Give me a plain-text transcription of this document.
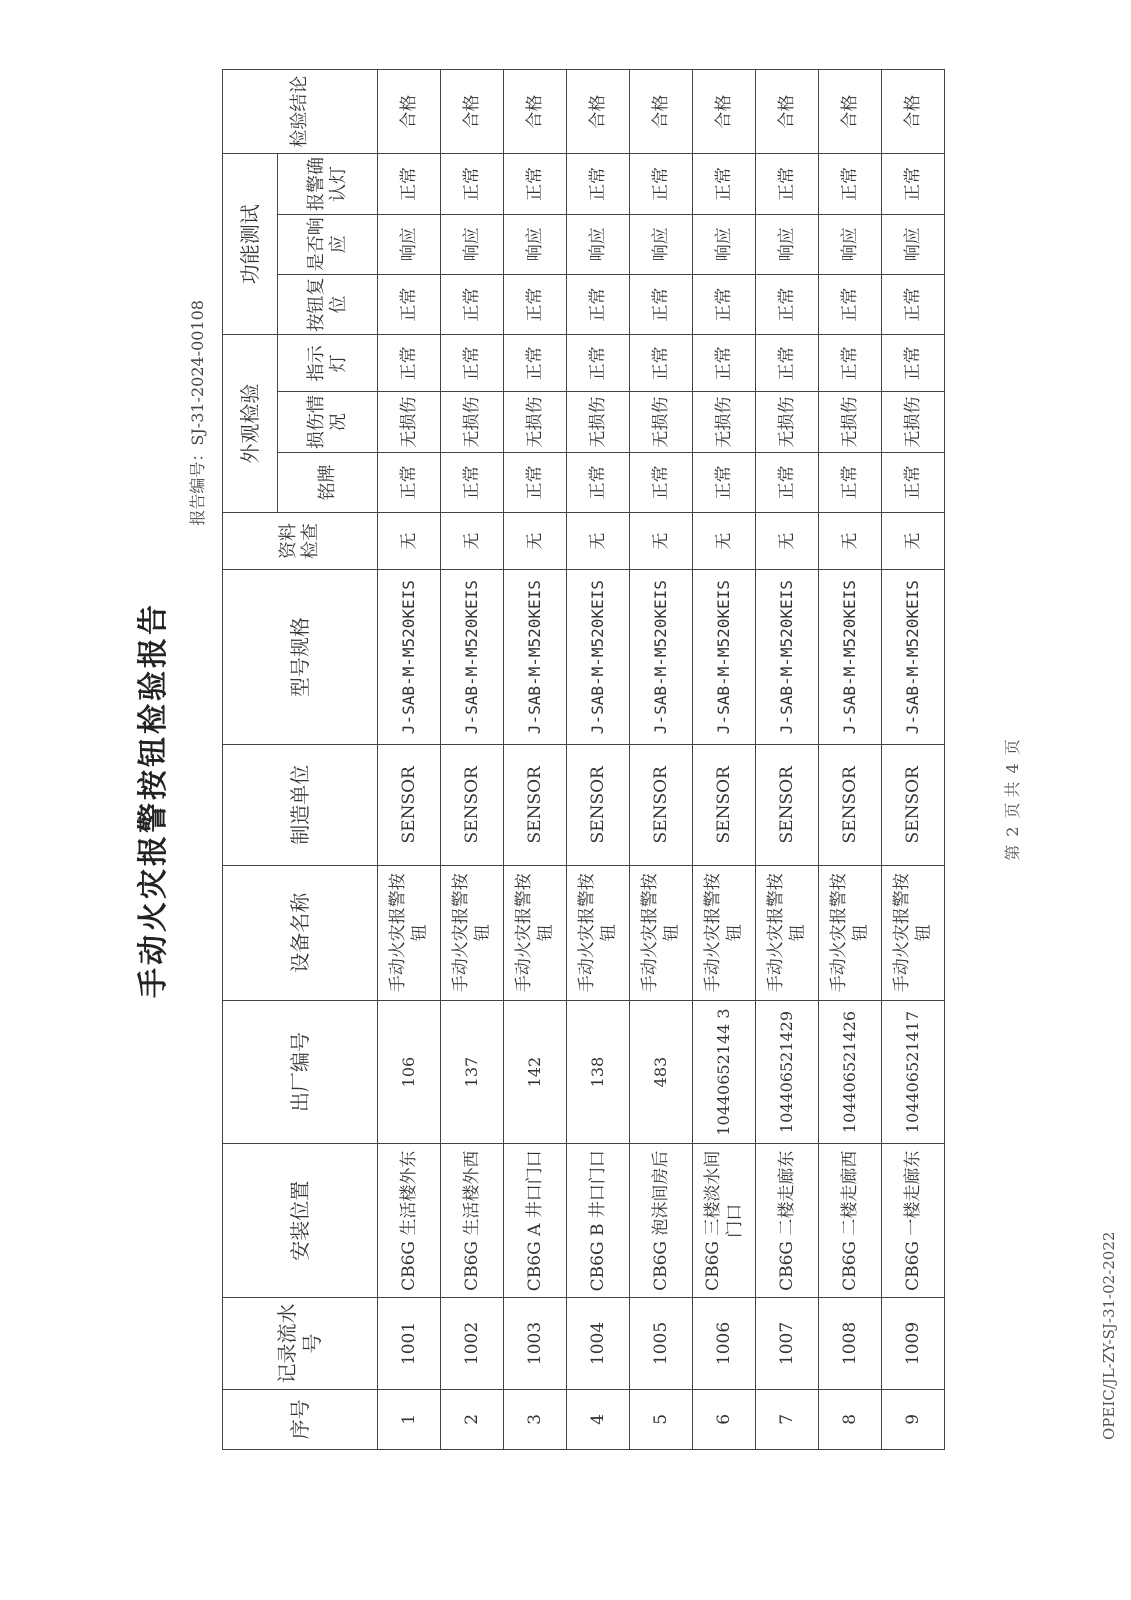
手动火灾报警按钮检验报告
报告编号：SJ-31-2024-00108
序号	记录流水号	安装位置	出厂编号	设备名称	制造单位	型号规格	资料检查	外观检验			功能测试			检验结论
								铭牌	损伤情况	指示灯	按钮复位	是否响应	报警确认灯	
1	1001	CB6G 生活楼外东	106	手动火灾报警按钮	SENSOR	J-SAB-M-M520KEIS	无	正常	无损伤	正常	正常	响应	正常	合格
2	1002	CB6G 生活楼外西	137	手动火灾报警按钮	SENSOR	J-SAB-M-M520KEIS	无	正常	无损伤	正常	正常	响应	正常	合格
3	1003	CB6G A 井口门口	142	手动火灾报警按钮	SENSOR	J-SAB-M-M520KEIS	无	正常	无损伤	正常	正常	响应	正常	合格
4	1004	CB6G B 井口门口	138	手动火灾报警按钮	SENSOR	J-SAB-M-M520KEIS	无	正常	无损伤	正常	正常	响应	正常	合格
5	1005	CB6G 泡沫间房后	483	手动火灾报警按钮	SENSOR	J-SAB-M-M520KEIS	无	正常	无损伤	正常	正常	响应	正常	合格
6	1006	CB6G 三楼淡水间门口	10440652144 3	手动火灾报警按钮	SENSOR	J-SAB-M-M520KEIS	无	正常	无损伤	正常	正常	响应	正常	合格
7	1007	CB6G 二楼走廊东	104406521429	手动火灾报警按钮	SENSOR	J-SAB-M-M520KEIS	无	正常	无损伤	正常	正常	响应	正常	合格
8	1008	CB6G 二楼走廊西	104406521426	手动火灾报警按钮	SENSOR	J-SAB-M-M520KEIS	无	正常	无损伤	正常	正常	响应	正常	合格
9	1009	CB6G 一楼走廊东	104406521417	手动火灾报警按钮	SENSOR	J-SAB-M-M520KEIS	无	正常	无损伤	正常	正常	响应	正常	合格
第2页 共4页
OPEIC/JL-ZY-SJ-31-02-2022
